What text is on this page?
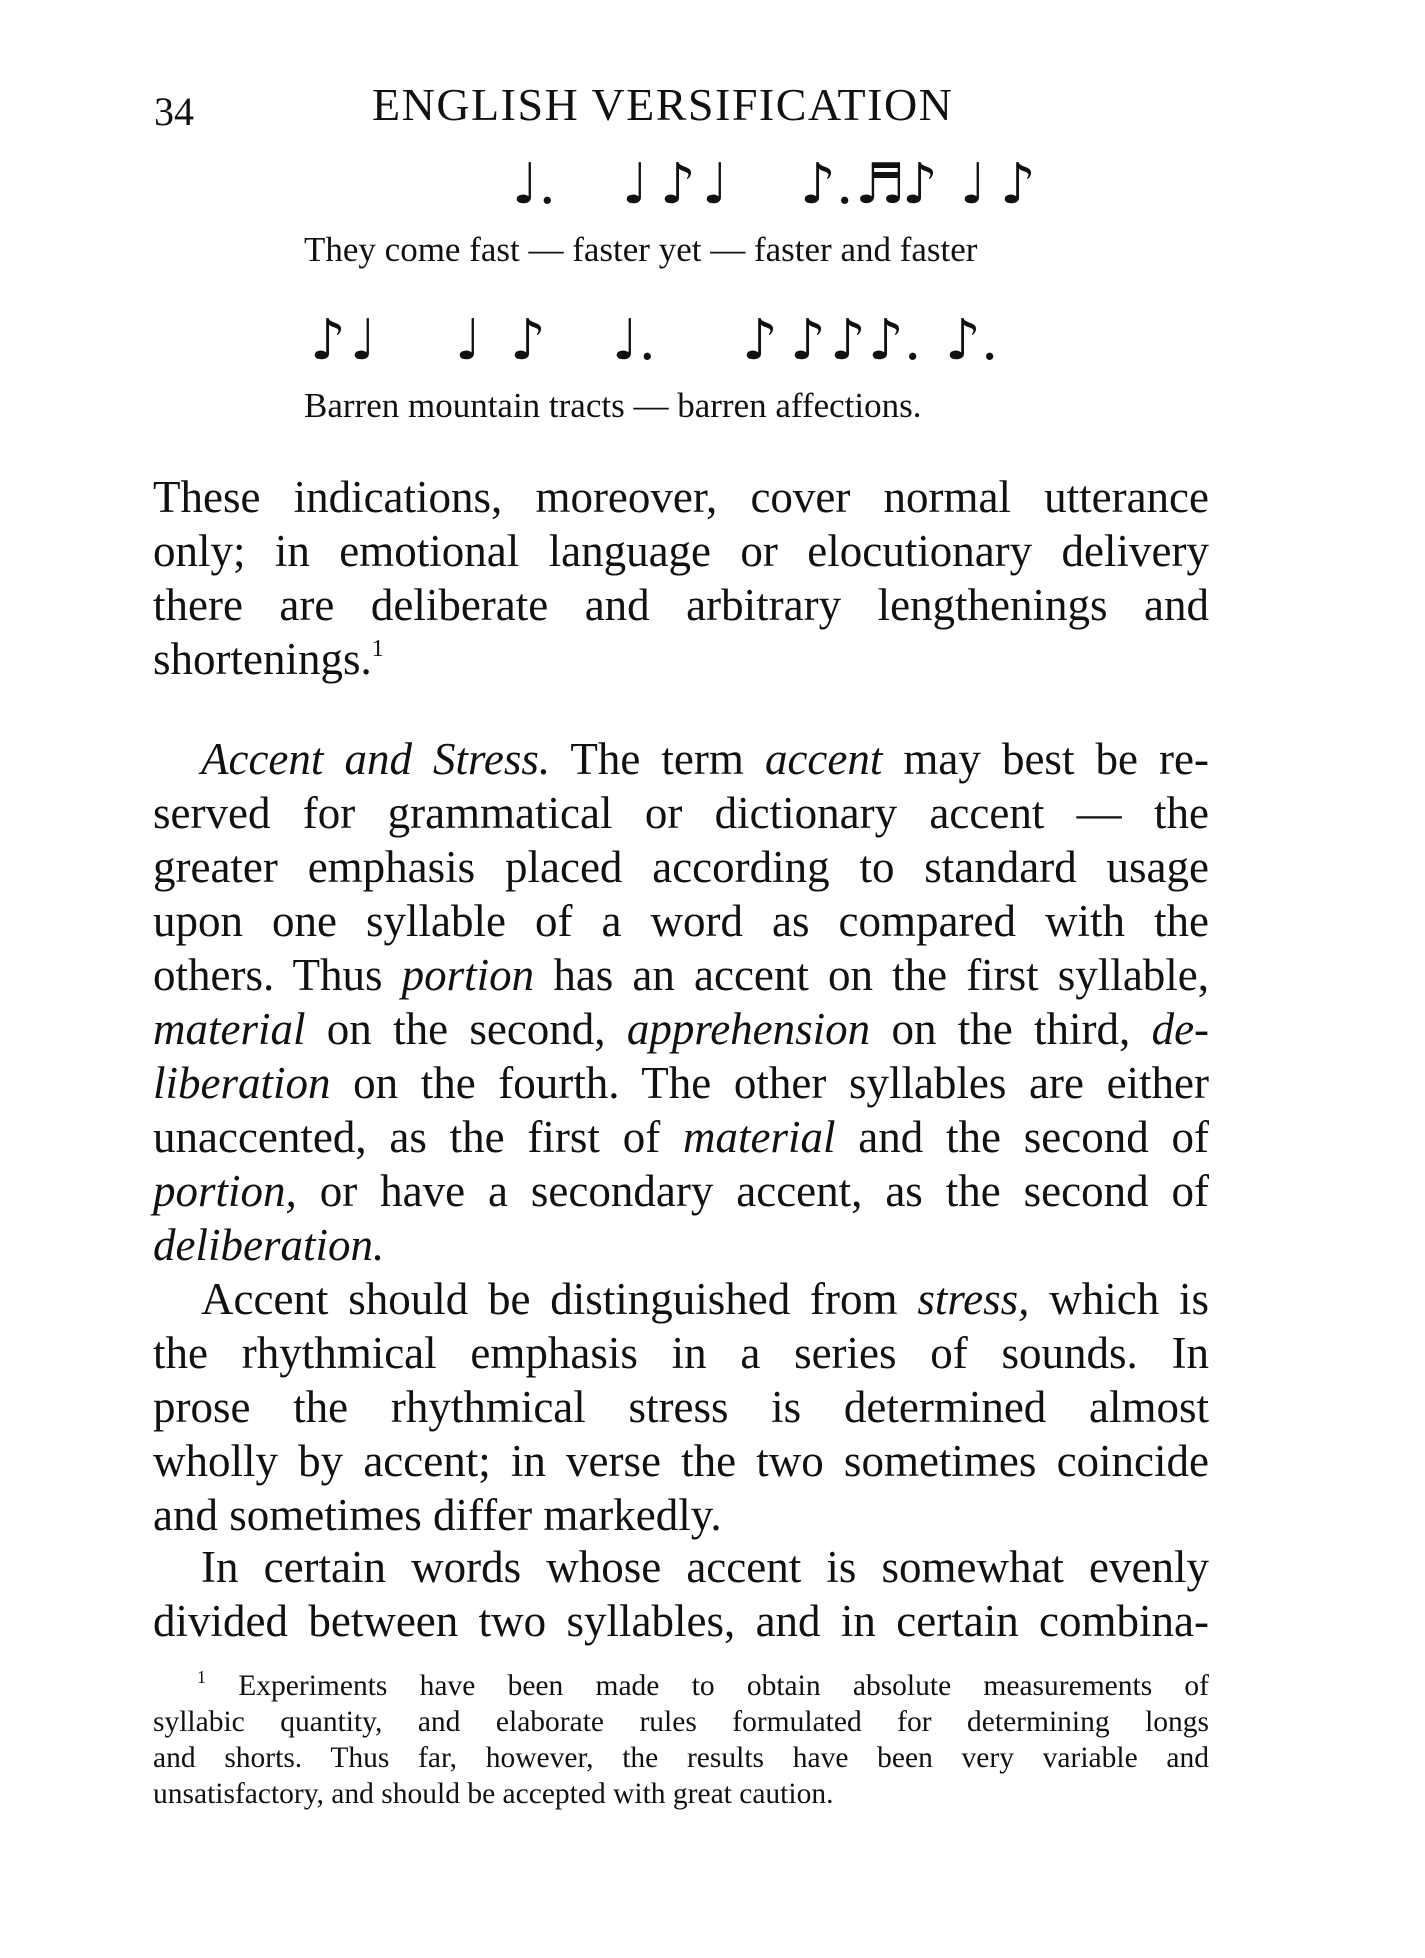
34	ENGLISH VERSIFICATION
♩. ♩ ♪ ♩ ♪. ♬
♪ ♩ ♪
They come fast — faster yet — faster and faster
♪ ♩ ♩ ♪ ♩. ♪ ♪ ♪ ♪. ♪.
Barren mountain tracts — barren affections.
These indications, moreover, cover normal utterance
only; in emotional language or elocutionary delivery
there are deliberate and arbitrary lengthenings and
shortenings.$^1$
Accent and Stress. The term accent may best be re-
served for grammatical or dictionary accent — the
greater emphasis placed according to standard usage
upon one syllable of a word as compared with the
others. Thus portion has an accent on the first syllable,
material on the second, apprehension on the third, de-
liberation on the fourth. The other syllables are either
unaccented, as the first of material and the second of
portion, or have a secondary accent, as the second of
deliberation.
Accent should be distinguished from stress, which is
the rhythmical emphasis in a series of sounds. In
prose the rhythmical stress is determined almost
wholly by accent; in verse the two sometimes coincide
and sometimes differ markedly.
In certain words whose accent is somewhat evenly
divided between two syllables, and in certain combina-
$^1$ Experiments have been made to obtain absolute measurements of
syllabic quantity, and elaborate rules formulated for determining longs
and shorts. Thus far, however, the results have been very variable and
unsatisfactory, and should be accepted with great caution.
